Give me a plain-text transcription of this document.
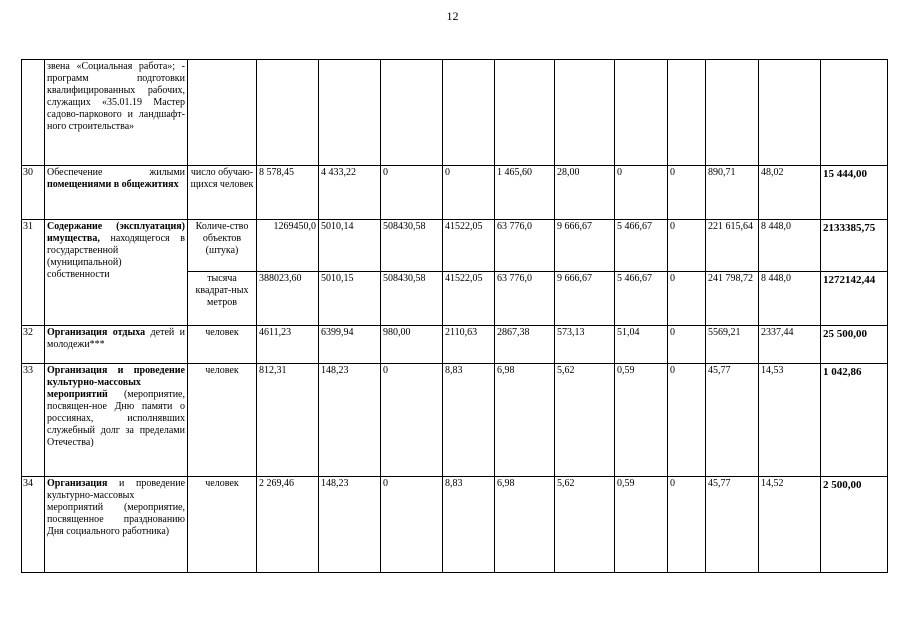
12
	звена «Социальная работа»; - программ подготовки квалифицированных рабочих, служащих «35.01.19 Мастер садово-паркового и ландшафт-ного строительства»												
30	Обеспечение жилыми помещениями в общежитиях	число обучаю-щихся человек	8 578,45	4 433,22	0	0	1 465,60	28,00	0	0	890,71	48,02	15 444,00
31	Содержание (эксплуатация) имущества, находящегося в государственной (муниципальной) собственности	Количе-ство объектов (штука)	1269450,0	5010,14	508430,58	41522,05	63 776,0	9 666,67	5 466,67	0	221 615,64	8 448,0	2133385,75
		тысяча квадрат-ных метров	388023,60	5010,15	508430,58	41522,05	63 776,0	9 666,67	5 466,67	0	241 798,72	8 448,0	1272142,44
32	Организация отдыха детей и молодежи***	человек	4611,23	6399,94	980,00	2110,63	2867,38	573,13	51,04	0	5569,21	2337,44	25 500,00
33	Организация и проведение культурно-массовых мероприятий (мероприятие, посвящен-ное Дню памяти о россиянах, исполнявших служебный долг за пределами Отечества)	человек	812,31	148,23	0	8,83	6,98	5,62	0,59	0	45,77	14,53	1 042,86
34	Организация и проведение культурно-массовых мероприятий (мероприятие, посвященное празднованию Дня социального работника)	человек	2 269,46	148,23	0	8,83	6,98	5,62	0,59	0	45,77	14,52	2 500,00
